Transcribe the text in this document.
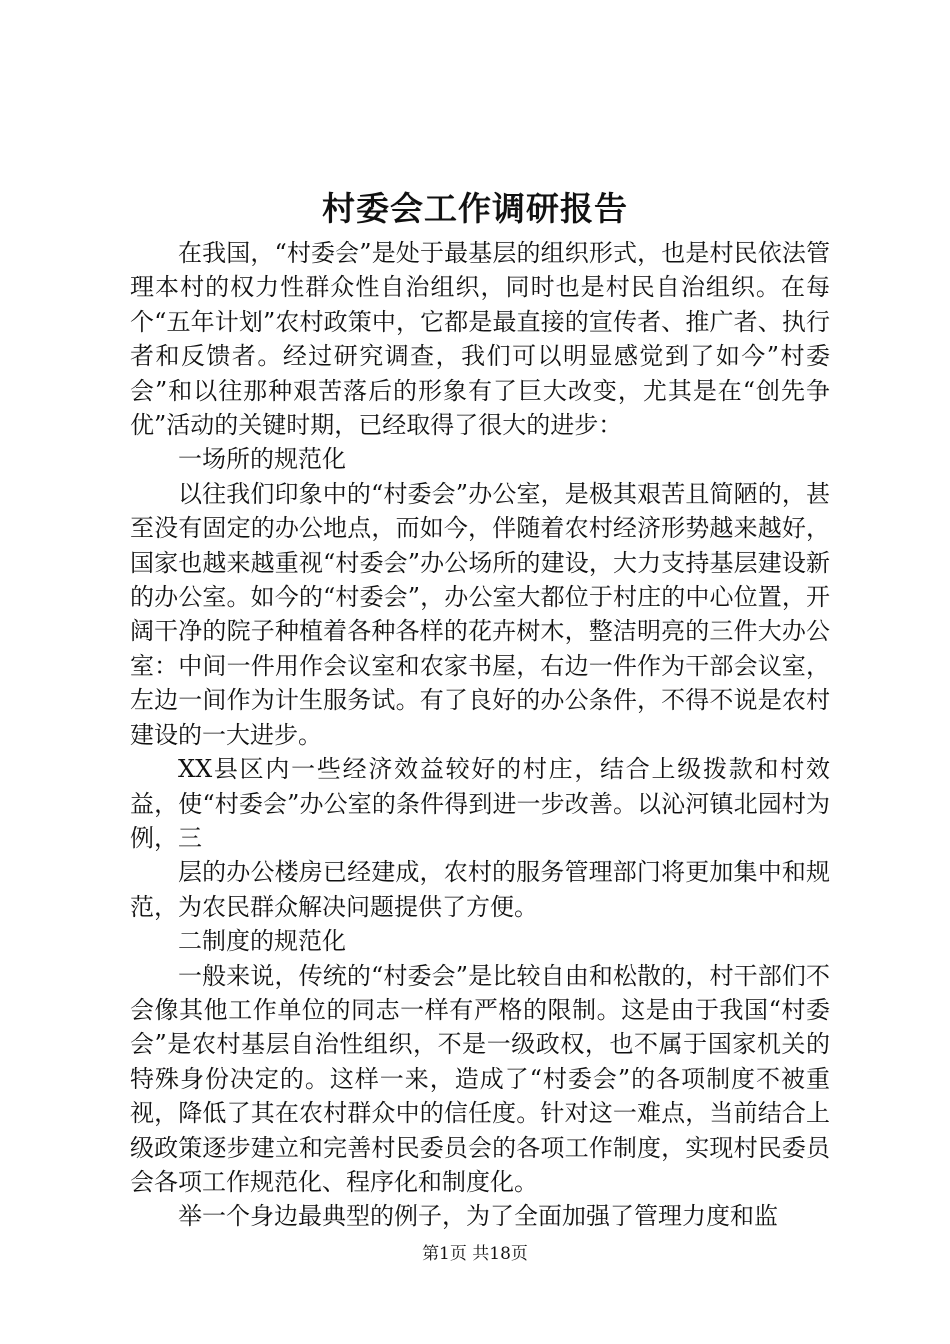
村委会工作调研报告

在我国，“村委会”是处于最基层的组织形式，也是村民依法管理本村的权力性群众性自治组织，同时也是村民自治组织。在每个“五年计划”农村政策中，它都是最直接的宣传者、推广者、执行者和反馈者。经过研究调查，我们可以明显感觉到了如今”村委会”和以往那种艰苦落后的形象有了巨大改变，尤其是在“创先争优”活动的关键时期，已经取得了很大的进步：

一场所的规范化

以往我们印象中的“村委会”办公室，是极其艰苦且简陋的，甚至没有固定的办公地点，而如今，伴随着农村经济形势越来越好，国家也越来越重视“村委会”办公场所的建设，大力支持基层建设新的办公室。如今的“村委会”，办公室大都位于村庄的中心位置，开阔干净的院子种植着各种各样的花卉树木，整洁明亮的三件大办公室：中间一件用作会议室和农家书屋，右边一件作为干部会议室，左边一间作为计生服务试。有了良好的办公条件，不得不说是农村建设的一大进步。

XX县区内一些经济效益较好的村庄，结合上级拨款和村效益，使“村委会”办公室的条件得到进一步改善。以沁河镇北园村为例，三

层的办公楼房已经建成，农村的服务管理部门将更加集中和规范，为农民群众解决问题提供了方便。

二制度的规范化

一般来说，传统的“村委会”是比较自由和松散的，村干部们不会像其他工作单位的同志一样有严格的限制。这是由于我国“村委会”是农村基层自治性组织，不是一级政权，也不属于国家机关的特殊身份决定的。这样一来，造成了“村委会”的各项制度不被重视，降低了其在农村群众中的信任度。针对这一难点，当前结合上级政策逐步建立和完善村民委员会的各项工作制度，实现村民委员会各项工作规范化、程序化和制度化。

举一个身边最典型的例子，为了全面加强了管理力度和监

第1页 共18页
